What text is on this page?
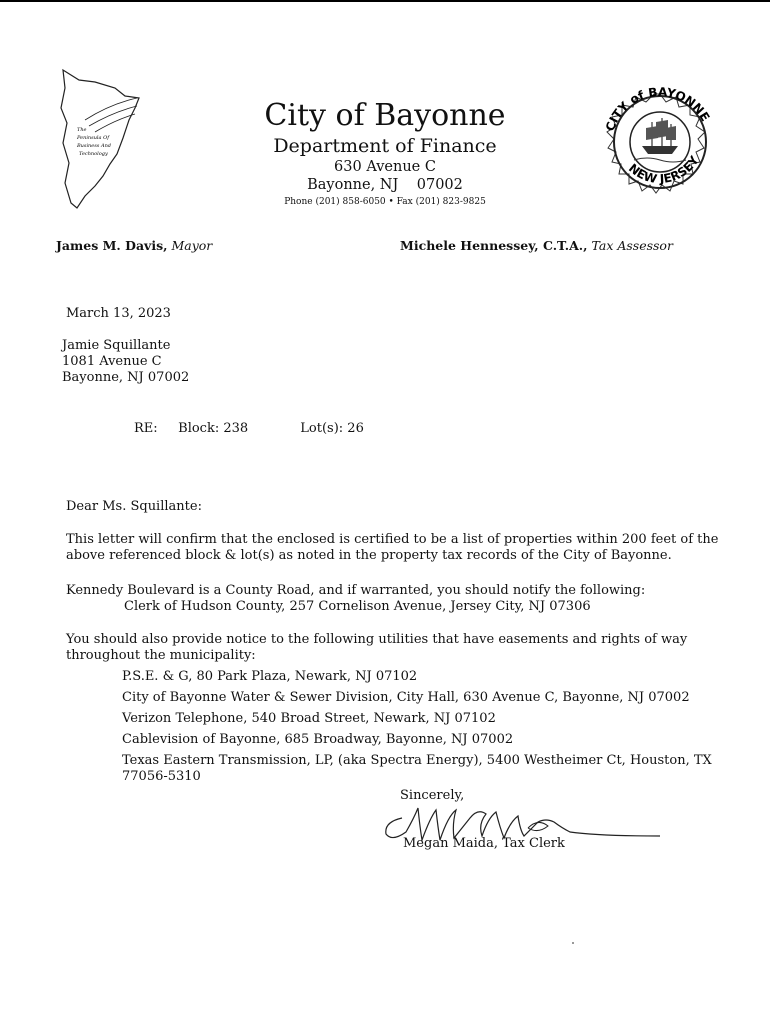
The
Peninsula Of
Business And
Technology
City of Bayonne
Department of Finance
630 Avenue C
Bayonne, NJ    07002
Phone (201) 858-6050 • Fax (201) 823-9825
CITY of BAYONNE
NEW JERSEY
James M. Davis, Mayor	Michele Hennessey, C.T.A., Tax Assessor
March 13, 2023
Jamie Squillante
1081 Avenue C
Bayonne, NJ 07002
RE: Block: 238	Lot(s): 26
Dear Ms. Squillante:
This letter will confirm that the enclosed is certified to be a list of properties within 200 feet of the above referenced block & lot(s) as noted in the property tax records of the City of Bayonne.
Kennedy Boulevard is a County Road, and if warranted, you should notify the following:
Clerk of Hudson County, 257 Cornelison Avenue, Jersey City, NJ 07306
You should also provide notice to the following utilities that have easements and rights of way throughout the municipality:
P.S.E. & G, 80 Park Plaza, Newark, NJ 07102
City of Bayonne Water & Sewer Division, City Hall, 630 Avenue C, Bayonne, NJ 07002
Verizon Telephone, 540 Broad Street, Newark, NJ 07102
Cablevision of Bayonne, 685 Broadway, Bayonne, NJ 07002
Texas Eastern Transmission, LP, (aka Spectra Energy), 5400 Westheimer Ct, Houston, TX 77056-5310
Sincerely,
Megan Maida, Tax Clerk
